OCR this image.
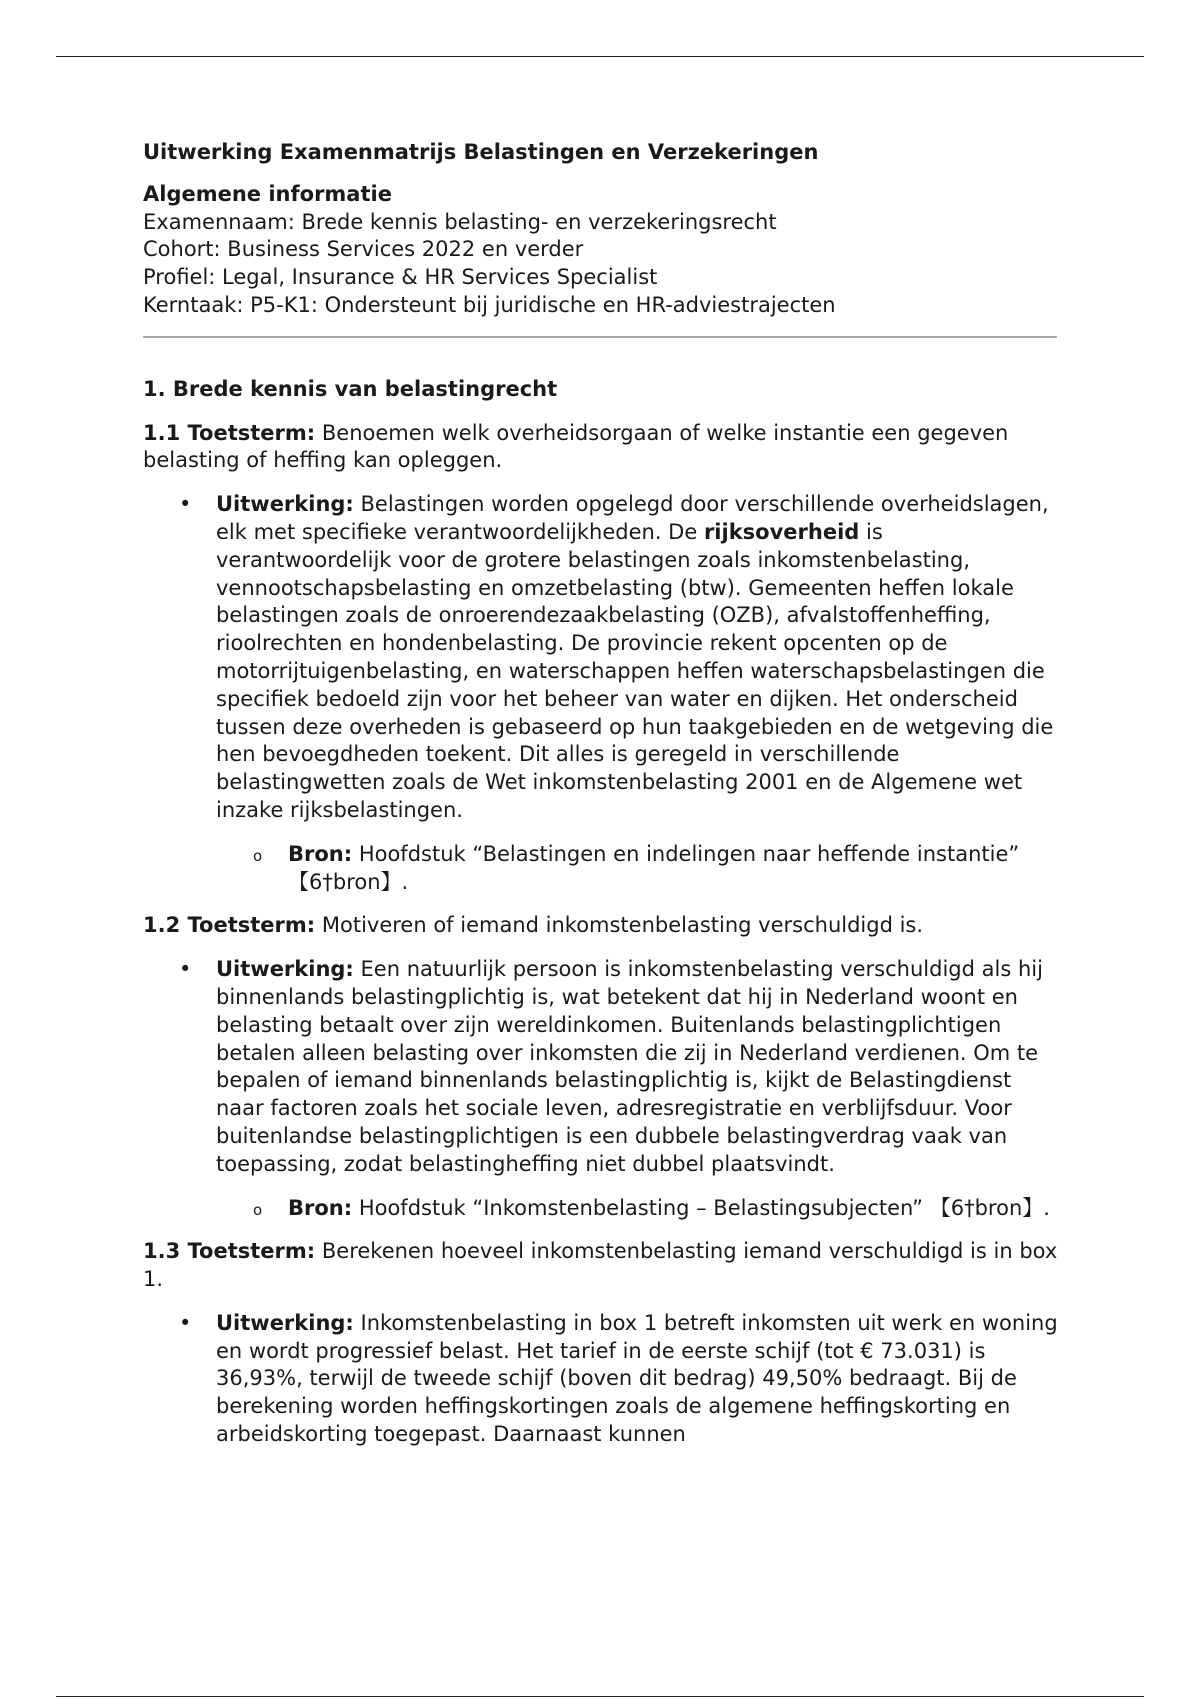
Uitwerking Examenmatrijs Belastingen en Verzekeringen

Algemene informatie

Examennaam: Brede kennis belasting- en verzekeringsrecht

Cohort: Business Services 2022 en verder

Profiel: Legal, Insurance & HR Services Specialist

Kerntaak: P5-K1: Ondersteunt bij juridische en HR-adviestrajecten

1. Brede kennis van belastingrecht

1.1 Toetsterm: Benoemen welk overheidsorgaan of welke instantie een gegeven belasting of heffing kan opleggen.

• Uitwerking: Belastingen worden opgelegd door verschillende overheidslagen, elk met specifieke verantwoordelijkheden. De rijksoverheid is verantwoordelijk voor de grotere belastingen zoals inkomstenbelasting, vennootschapsbelasting en omzetbelasting (btw). Gemeenten heffen lokale belastingen zoals de onroerendezaakbelasting (OZB), afvalstoffenheffing, rioolrechten en hondenbelasting. De provincie rekent opcenten op de motorrijtuigenbelasting, en waterschappen heffen waterschapsbelastingen die specifiek bedoeld zijn voor het beheer van water en dijken. Het onderscheid tussen deze overheden is gebaseerd op hun taakgebieden en de wetgeving die hen bevoegdheden toekent. Dit alles is geregeld in verschillende belastingwetten zoals de Wet inkomstenbelasting 2001 en de Algemene wet inzake rijksbelastingen.
o Bron: Hoofdstuk “Belastingen en indelingen naar heffende instantie” 【6†bron】.

1.2 Toetsterm: Motiveren of iemand inkomstenbelasting verschuldigd is.

• Uitwerking: Een natuurlijk persoon is inkomstenbelasting verschuldigd als hij binnenlands belastingplichtig is, wat betekent dat hij in Nederland woont en belasting betaalt over zijn wereldinkomen. Buitenlands belastingplichtigen betalen alleen belasting over inkomsten die zij in Nederland verdienen. Om te bepalen of iemand binnenlands belastingplichtig is, kijkt de Belastingdienst naar factoren zoals het sociale leven, adresregistratie en verblijfsduur. Voor buitenlandse belastingplichtigen is een dubbele belastingverdrag vaak van toepassing, zodat belastingheffing niet dubbel plaatsvindt.
o Bron: Hoofdstuk “Inkomstenbelasting – Belastingsubjecten” 【6†bron】.

1.3 Toetsterm: Berekenen hoeveel inkomstenbelasting iemand verschuldigd is in box 1.

• Uitwerking: Inkomstenbelasting in box 1 betreft inkomsten uit werk en woning en wordt progressief belast. Het tarief in de eerste schijf (tot € 73.031) is 36,93%, terwijl de tweede schijf (boven dit bedrag) 49,50% bedraagt. Bij de berekening worden heffingskortingen zoals de algemene heffingskorting en arbeidskorting toegepast. Daarnaast kunnen
